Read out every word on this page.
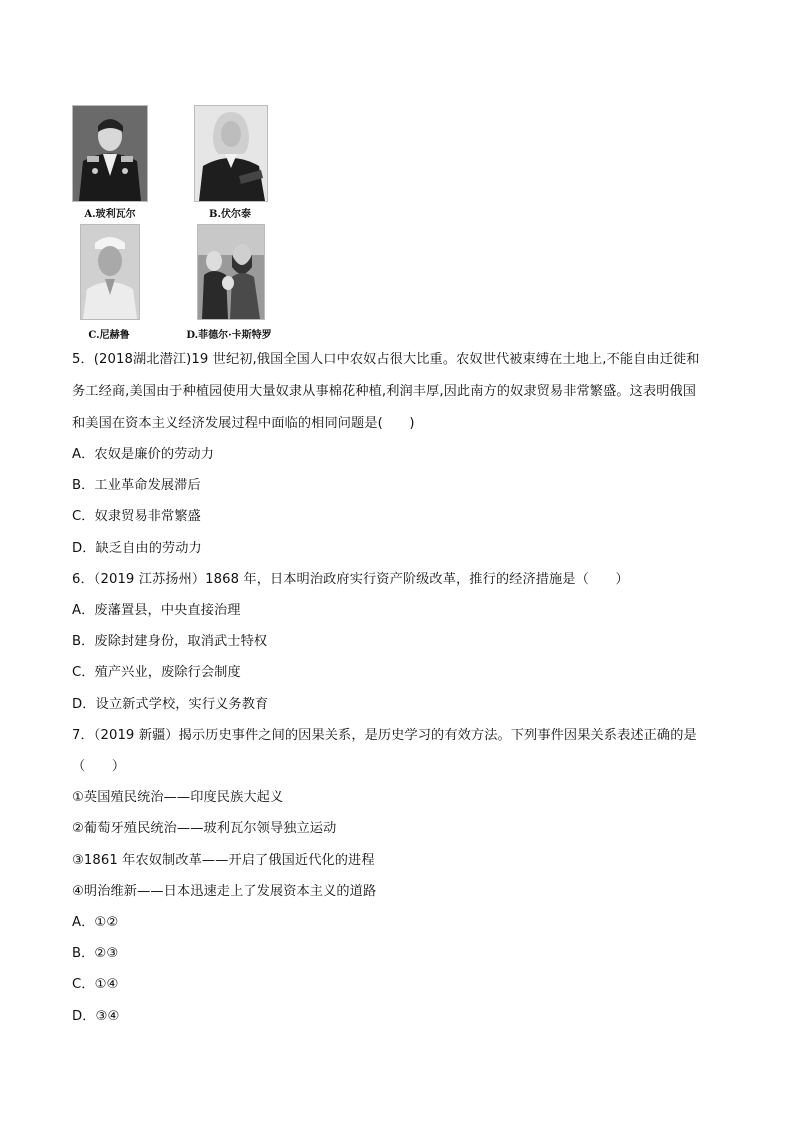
A.玻利瓦尔	B.伏尔泰
C.尼赫鲁	D.菲德尔·卡斯特罗
5．(2018湖北潜江)19 世纪初,俄国全国人口中农奴占很大比重。农奴世代被束缚在土地上,不能自由迁徙和
务工经商,美国由于种植园使用大量奴隶从事棉花种植,利润丰厚,因此南方的奴隶贸易非常繁盛。这表明俄国
和美国在资本主义经济发展过程中面临的相同问题是(　　)
A．农奴是廉价的劳动力
B．工业革命发展滞后
C．奴隶贸易非常繁盛
D．缺乏自由的劳动力
6．（2019 江苏扬州）1868 年，日本明治政府实行资产阶级改革，推行的经济措施是（　　）
A．废藩置县，中央直接治理
B．废除封建身份，取消武士特权
C．殖产兴业，废除行会制度
D．设立新式学校，实行义务教育
7．（2019 新疆）揭示历史事件之间的因果关系，是历史学习的有效方法。下列事件因果关系表述正确的是
（　　）
①英国殖民统治——印度民族大起义
②葡萄牙殖民统治——玻利瓦尔领导独立运动
③1861 年农奴制改革——开启了俄国近代化的进程
④明治维新——日本迅速走上了发展资本主义的道路
A．①②
B．②③
C．①④
D．③④
